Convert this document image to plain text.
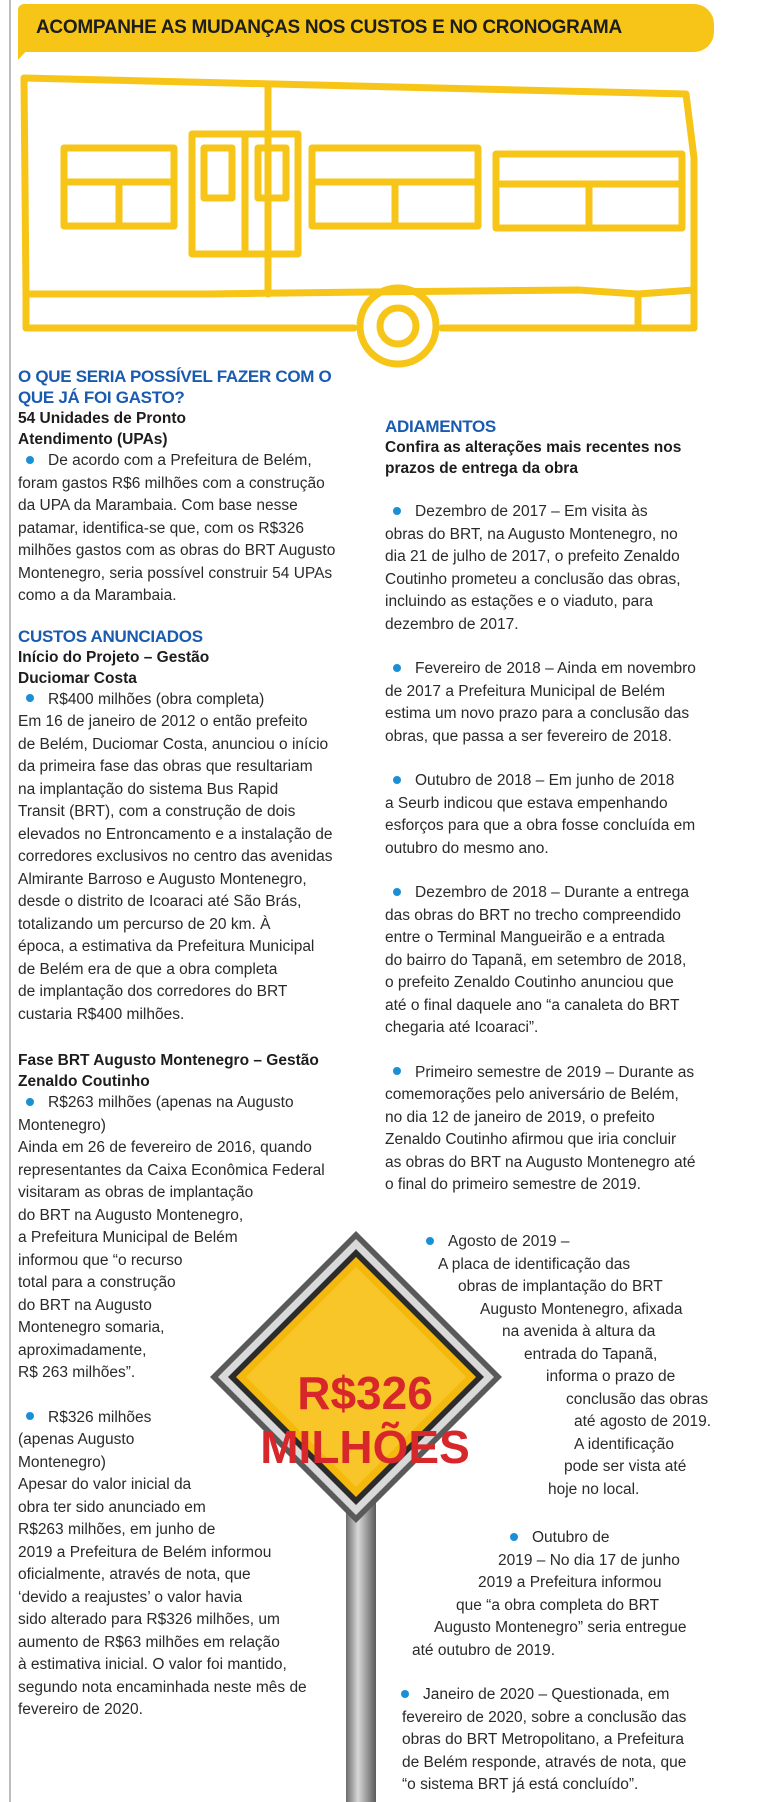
ACOMPANHE AS MUDANÇAS NOS CUSTOS E NO CRONOGRAMA
O QUE SERIA POSSÍVEL FAZER COM O
QUE JÁ FOI GASTO?
54 Unidades de Pronto
Atendimento (UPAs)

De acordo com a Prefeitura de Belém,

foram gastos R$6 milhões com a construção

da UPA da Marambaia. Com base nesse

patamar, identifica-se que, com os R$326

milhões gastos com as obras do BRT Augusto

Montenegro, seria possível construir 54 UPAs

como a da Marambaia.

CUSTOS ANUNCIADOS
Início do Projeto – Gestão
Duciomar Costa

R$400 milhões (obra completa)

Em 16 de janeiro de 2012 o então prefeito

de Belém, Duciomar Costa, anunciou o início

da primeira fase das obras que resultariam

na implantação do sistema Bus Rapid

Transit (BRT), com a construção de dois

elevados no Entroncamento e a instalação de

corredores exclusivos no centro das avenidas

Almirante Barroso e Augusto Montenegro,

desde o distrito de Icoaraci até São Brás,

totalizando um percurso de 20 km. À

época, a estimativa da Prefeitura Municipal

de Belém era de que a obra completa

de implantação dos corredores do BRT

custaria R$400 milhões.

Fase BRT Augusto Montenegro – Gestão
Zenaldo Coutinho

R$263 milhões (apenas na Augusto

Montenegro)

Ainda em 26 de fevereiro de 2016, quando

representantes da Caixa Econômica Federal

visitaram as obras de implantação

do BRT na Augusto Montenegro,

a Prefeitura Municipal de Belém

informou que “o recurso

total para a construção

do BRT na Augusto

Montenegro somaria,

aproximadamente,

R$ 263 milhões”.

R$326 milhões

(apenas Augusto

Montenegro)

Apesar do valor inicial da

obra ter sido anunciado em

R$263 milhões, em junho de

2019 a Prefeitura de Belém informou

oficialmente, através de nota, que

‘devido a reajustes’ o valor havia

sido alterado para R$326 milhões, um

aumento de R$63 milhões em relação

à estimativa inicial. O valor foi mantido,

segundo nota encaminhada neste mês de

fevereiro de 2020.

ADIAMENTOS
Confira as alterações mais recentes nos
prazos de entrega da obra

Dezembro de 2017 – Em visita às

obras do BRT, na Augusto Montenegro, no

dia 21 de julho de 2017, o prefeito Zenaldo

Coutinho prometeu a conclusão das obras,

incluindo as estações e o viaduto, para

dezembro de 2017.

Fevereiro de 2018 – Ainda em novembro

de 2017 a Prefeitura Municipal de Belém

estima um novo prazo para a conclusão das

obras, que passa a ser fevereiro de 2018.

Outubro de 2018 – Em junho de 2018

a Seurb indicou que estava empenhando

esforços para que a obra fosse concluída em

outubro do mesmo ano.

Dezembro de 2018 – Durante a entrega

das obras do BRT no trecho compreendido

entre o Terminal Mangueirão e a entrada

do bairro do Tapanã, em setembro de 2018,

o prefeito Zenaldo Coutinho anunciou que

até o final daquele ano “a canaleta do BRT

chegaria até Icoaraci”.

Primeiro semestre de 2019 – Durante as

comemorações pelo aniversário de Belém,

no dia 12 de janeiro de 2019, o prefeito

Zenaldo Coutinho afirmou que iria concluir

as obras do BRT na Augusto Montenegro até

o final do primeiro semestre de 2019.

R$326
MILHÕES

Agosto de 2019 –

A placa de identificação das

obras de implantação do BRT

Augusto Montenegro, afixada

na avenida à altura da

entrada do Tapanã,

informa o prazo de

conclusão das obras

até agosto de 2019.

A identificação

pode ser vista até

hoje no local.

Outubro de

2019 – No dia 17 de junho

2019 a Prefeitura informou

que “a obra completa do BRT

Augusto Montenegro” seria entregue

até outubro de 2019.

Janeiro de 2020 – Questionada, em

fevereiro de 2020, sobre a conclusão das

obras do BRT Metropolitano, a Prefeitura

de Belém responde, através de nota, que

“o sistema BRT já está concluído”.
